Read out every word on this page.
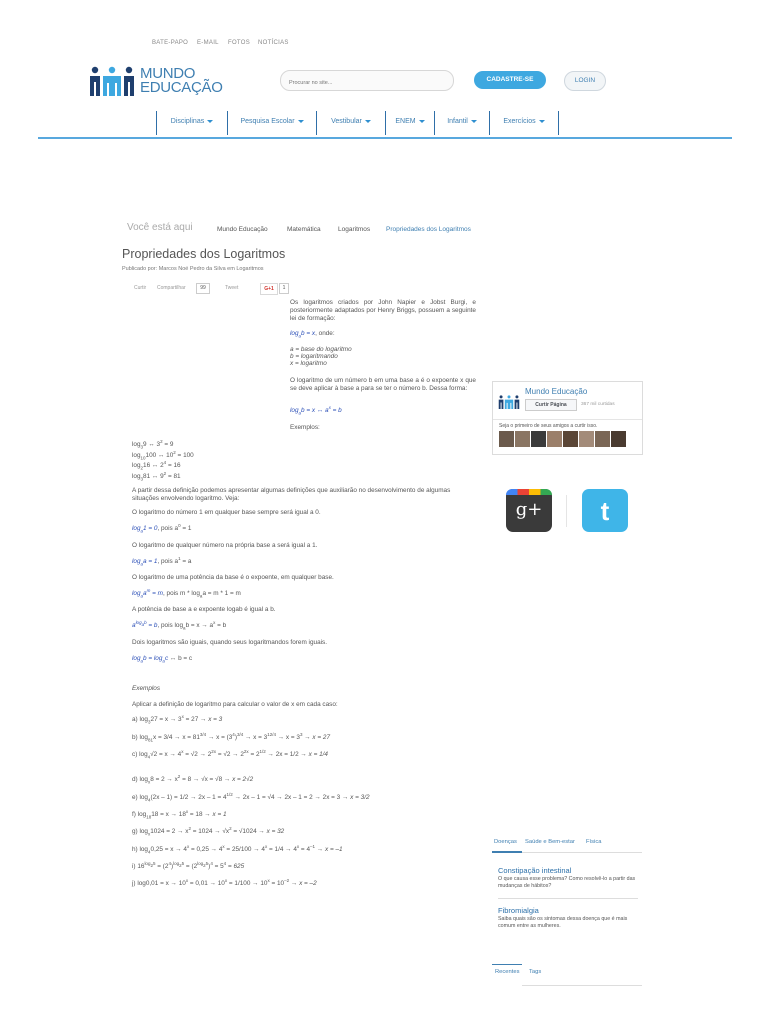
BATE-PAPO E-MAIL FOTOS NOTÍCIAS
MUNDO
EDUCAÇÃO
Procurar no site...	CADASTRE-SE	LOGIN
Disciplinas	Pesquisa Escolar	Vestibular	ENEM	Infantil	Exercícios
Você está aqui	Mundo Educação	Matemática	Logaritmos Propriedades dos Logaritmos
Propriedades dos Logaritmos
Publicado por: Marcos Noé Pedro da Silva em Logaritmos
Curtir Compartilhar	99	Tweet	G+1	1
Os logaritmos criados por John Napier e Jobst Burgi, e posteriormente adaptados por Henry Briggs, possuem a seguinte lei de formação:
$\log_ab = x$, onde:
a = base do logaritmo
b = logaritmando
x = logaritmo
O logaritmo de um número b em uma base a é o expoente x que se deve aplicar à base a para se ter o número b. Dessa forma:
$\log_ab = x$ ↔ $a^x = b$
Exemplos:
$\log_39$ ↔ $3^2 = 9$
$\log_{10}100$ ↔ $10^2 = 100$
$\log_216$ ↔ $2^4 = 16$
$\log_381$ ↔ $9^2 = 81$
A partir dessa definição podemos apresentar algumas definições que auxiliarão no desenvolvimento de algumas situações envolvendo logaritmo. Veja:
O logaritmo do número 1 em qualquer base sempre será igual a 0.
$\log_a1 = 0$, pois $a^0 = 1$
O logaritmo de qualquer número na própria base a será igual a 1.
$\log_aa = 1$, pois $a^1 = a$
O logaritmo de uma potência da base é o expoente, em qualquer base.
$\log_aa^m = m$, pois $m * \log_aa = m * 1 = m$
A potência de base a e expoente logab é igual a b.
$a^{log_ab} = b$, pois $\log_ab = x \to a^x = b$
Dois logaritmos são iguais, quando seus logaritmandos forem iguais.
$\log_ab = \log_ac$ ↔ b = c
Exemplos
Aplicar a definição de logaritmo para calcular o valor de x em cada caso:
a) $\log_327 = x \to 3^x = 27 \to x = 3$
b) $\log_{81}x = 3/4 \to x = 81^{3/4} \to x = (3^4)^{3/4} \to x = 3^{12/4} \to x = 3^3 \to x = 27$
c) $\log_4√2 = x \to 4^x = √2 \to 2^{2x} = √2 \to 2^{2x} = 2^{1/2} \to 2x = 1/2 \to x = 1/4$
d) $\log_x8 = 2 \to x^2 = 8 \to √x = √8 \to x = 2√2$
e) $\log_4(2x - 1) = 1/2 \to 2x - 1 = 4^{1/2} \to 2x - 1 = √4 \to 2x - 1 = 2 \to 2x = 3 \to x = 3/2$
f) $\log_{18}18 = x \to 18^x = 18 \to x = 1$
g) $\log_x1024 = 2 \to x^2 = 1024 \to √x^2 = √1024 \to x = 32$
h) $\log_40,25 = x \to 4^x = 0,25 \to 4^x = 25/100 \to 4^x = 1/4 \to 4^x = 4^{-1} \to x = -1$
i) $16^{log_25} = (2^4)^{log_25} = (2^{log_25})^4 = 5^4 = 625$
j) $\log 0,01 = x \to 10^x = 0,01 \to 10^x = 1/100 \to 10^x = 10^{-2} \to x = -2$
Mundo Educação
Curtir Página	367 mil curtidas
Seja o primeiro de seus amigos a curtir isso.
g+	t
Doenças Saúde e Bem-estar Física
Constipação intestinal
O que causa esse problema? Como resolvê-lo a partir das mudanças de hábitos?
Fibromialgia
Saiba quais são os sintomas dessa doença que é mais comum entre as mulheres.
Recentes Tags
